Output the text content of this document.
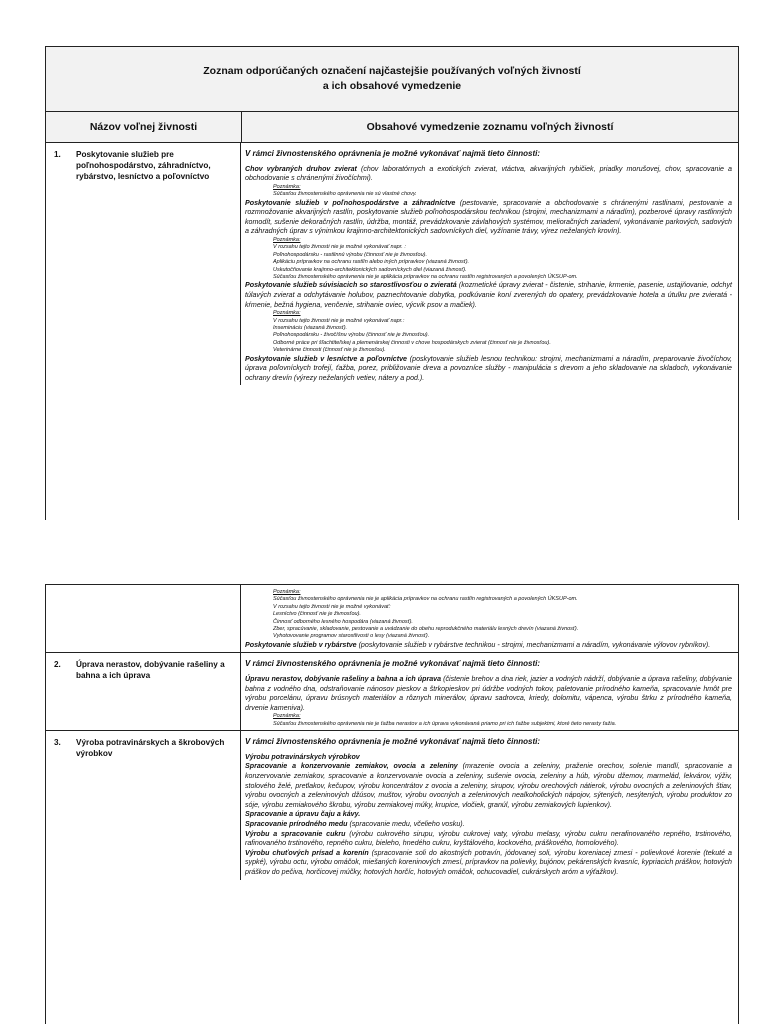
Zoznam odporúčaných označení najčastejšie používaných voľných živností
a ich obsahové vymedzenie
Názov voľnej živnosti	Obsahové vymedzenie zoznamu voľných živností
1.	Poskytovanie služieb pre poľnohospodárstvo, záhradníctvo, rybárstvo, lesníctvo a poľovníctvo
V rámci živnostenského oprávnenia je možné vykonávať najmä tieto činnosti:
Chov vybraných druhov zvierat (chov laboratórnych a exotických zvierat, vtáctva, akvarijných rybičiek, priadky morušovej, chov, spracovanie a obchodovanie s chránenými živočíchmi).
Poznámka:
Súčasťou živnostenského oprávnenia nie sú vlastné chovy.
Poskytovanie služieb v poľnohospodárstve a záhradníctve (pestovanie, spracovanie a obchodovanie s chránenými rastlinami, pestovanie a rozmnožovanie akvarijných rastlín, poskytovanie služieb poľnohospodárskou technikou (strojmi, mechanizmami a náradím), pozberové úpravy rastlinných komodít, sušenie dekoračných rastlín, údržba, montáž, prevádzkovanie závlahových systémov, melioračných zariadení, vykonávanie parkových, sadových a záhradných úprav s výnimkou krajinno-architektonických sadovníckych diel, vyžínanie trávy, výrez neželaných krovín).
Poznámka:
V rozsahu tejto živnosti nie je možné vykonávať napr. :
Poľnohospodársku - rastlinnú výrobu (činnosť nie je živnosťou).
Aplikáciu prípravkov na ochranu rastlín alebo iných prípravkov (viazaná živnosť).
Uskutočňovanie krajinno-architektonických sadovníckych diel (viazaná živnosť).
Súčasťou živnostenského oprávnenia nie je aplikácia prípravkov na ochranu rastlín registrovaných a povolených ÚKSUP-om.
Poskytovanie služieb súvisiacich so starostlivosťou o zvieratá (kozmetické úpravy zvierat - čistenie, strihanie, krmenie, pasenie, ustajňovanie, odchyt túlavých zvierat a odchytávanie holubov, paznechtovanie dobytka, podkúvanie koní zverených do opatery, prevádzkovanie hotela a útulku pre zvieratá - kŕmenie, bežná hygiena, venčenie, strihanie oviec, výcvik psov a mačiek).
Poznámka:
V rozsahu tejto živnosti nie je možné vykonávať napr.:
Insemináciu (viazaná živnosť).
Poľnohospodársku - živočíšnu výrobu (činnosť nie je živnosťou).
Odborné práce pri šľachtiteľskej a plemenárskej činnosti v chove hospodárskych zvierat (činnosť nie je živnosťou).
Veterinárne činnosti (činnosť nie je živnosťou).
Poskytovanie služieb v lesníctve a poľovníctve (poskytovanie služieb lesnou technikou: strojmi, mechanizmami a náradím, preparovanie živočíchov, úprava poľovníckych trofejí, ťažba, porez, približovanie dreva a povozníce služby - manipulácia s drevom a jeho skladovanie na skladoch, vykonávanie ochrany drevín (výrezy neželaných vetiev, nátery a pod.).
Poznámka:
Súčasťou živnostenského oprávnenia nie je aplikácia prípravkov na ochranu rastlín registrovaných a povolených ÚKSUP-om.
V rozsahu tejto živnosti nie je možné vykonávať:
Lesníctvo (činnosť nie je živnosťou).
Činnosť odborného lesného hospodára (viazaná živnosť).
Zber, spracúvanie, skladovanie, pestovanie a uvádzanie do obehu reprodukčného materiálu lesných drevín (viazaná živnosť).
Vyhotovovanie programov starostlivosti o lesy (viazaná živnosť).
Poskytovanie služieb v rybárstve (poskytovanie služieb v rybárstve technikou - strojmi, mechanizmami a náradím, vykonávanie výlovov rybníkov).
2.	Úprava nerastov, dobývanie rašeliny a bahna a ich úprava
V rámci živnostenského oprávnenia je možné vykonávať najmä tieto činnosti:
Úpravu nerastov, dobývanie rašeliny a bahna a ich úprava (čistenie brehov a dna riek, jazier a vodných nádrží, dobývanie a úprava rašeliny, dobývanie bahna z vodného dna, odstraňovanie nánosov pieskov a štrkopieskov pri údržbe vodných tokov, paletovanie prírodného kameňa, spracovanie hmôt pre výrobu porcelánu, úpravu brúsnych materiálov a rôznych minerálov, úpravu sadrovca, kriedy, dolomitu, vápenca, výrobu štrku z prírodného kameňa, drvenie kameniva).
Poznámka:
Súčasťou živnostenského oprávnenia nie je ťažba nerastov a ich úprava vykonávaná priamo pri ich ťažbe subjektmi, ktoré tieto nerasty ťažia.
3.	Výroba potravinárskych a škrobových výrobkov
V rámci živnostenského oprávnenia je možné vykonávať najmä tieto činnosti:
Výrobu potravinárskych výrobkov
Spracovanie a konzervovanie zemiakov, ovocia a zeleniny (mrazenie ovocia a zeleniny, praženie orechov, solenie mandlí, spracovanie a konzervovanie zemiakov, spracovanie a konzervovanie ovocia a zeleniny, sušenie ovocia, zeleniny a húb, výrobu džemov, marmelád, lekvárov, výživ, stolového želé, pretlakov, kečupov, výrobu koncentrátov z ovocia a zeleniny, sirupov, výrobu orechových nátierok, výrobu ovocných a zeleninových štiav, výrobu ovocných a zeleninových džúsov, muštov, výrobu ovocných a zeleninových nealkoholických nápojov, sýtených, nesýtených, výrobu produktov zo sóje, výrobu zemiakového škrobu, výrobu zemiakovej múky, krupice, vločiek, granúl, výrobu zemiakových lupienkov).
Spracovanie a úpravu čaju a kávy.
Spracovanie prírodného medu (spracovanie medu, včelieho vosku).
Výrobu a spracovanie cukru (výrobu cukrového sirupu, výrobu cukrovej vaty, výrobu melasy, výrobu cukru nerafinovaného repného, trstinového, rafinovaného trstinového, repného cukru, bieleho, hnedého cukru, kryštálového, kockového, práškového, homolového).
Výrobu chuťových prísad a korenín (spracovanie soli do akostných potravín, jódovanej soli, výrobu koreniacej zmesi - polievkové korenie (tekuté a sypké), výrobu octu, výrobu omáčok, miešaných koreninových zmesí, prípravkov na polievky, bujónov, pekárenských kvasníc, kypriacich práškov, hotových práškov do pečiva, horčicovej múčky, hotových horčíc, hotových omáčok, ochucovadiel, cukrárskych aróm a výťažkov).
